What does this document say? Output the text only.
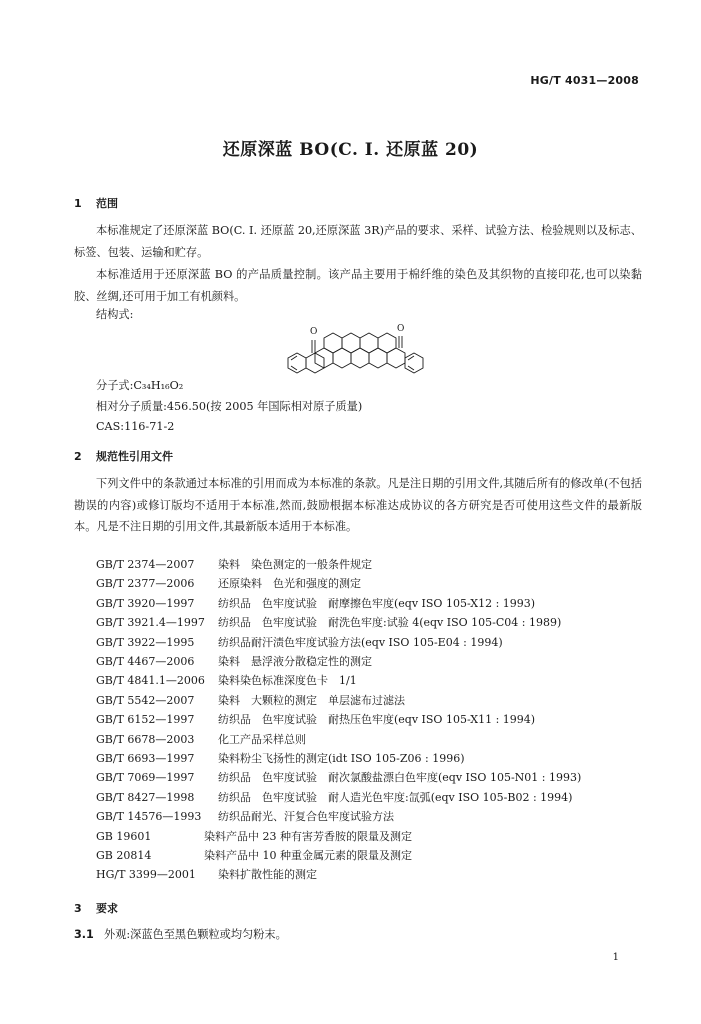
HG/T 4031—2008
还原深蓝 BO(C. I. 还原蓝 20)
1 范围
本标准规定了还原深蓝 BO(C. I. 还原蓝 20,还原深蓝 3R)产品的要求、采样、试验方法、检验规则以及标志、标签、包装、运输和贮存。
本标准适用于还原深蓝 BO 的产品质量控制。该产品主要用于棉纤维的染色及其织物的直接印花,也可以染黏胶、丝绸,还可用于加工有机颜料。
结构式:
O	O
分子式:C₃₄H₁₆O₂
相对分子质量:456.50(按 2005 年国际相对原子质量)
CAS:116-71-2
2 规范性引用文件
下列文件中的条款通过本标准的引用而成为本标准的条款。凡是注日期的引用文件,其随后所有的修改单(不包括勘误的内容)或修订版均不适用于本标准,然而,鼓励根据本标准达成协议的各方研究是否可使用这些文件的最新版本。凡是不注日期的引用文件,其最新版本适用于本标准。
GB/T 2374—2007 染料　染色测定的一般条件规定
GB/T 2377—2006 还原染料　色光和强度的测定
GB/T 3920—1997 纺织品　色牢度试验　耐摩擦色牢度(eqv ISO 105-X12 : 1993)
GB/T 3921.4—1997 纺织品　色牢度试验　耐洗色牢度:试验 4(eqv ISO 105-C04 : 1989)
GB/T 3922—1995 纺织品耐汗渍色牢度试验方法(eqv ISO 105-E04 : 1994)
GB/T 4467—2006 染料　悬浮液分散稳定性的测定
GB/T 4841.1—2006 染料染色标准深度色卡　1/1
GB/T 5542—2007 染料　大颗粒的测定　单层滤布过滤法
GB/T 6152—1997 纺织品　色牢度试验　耐热压色牢度(eqv ISO 105-X11 : 1994)
GB/T 6678—2003 化工产品采样总则
GB/T 6693—1997 染料粉尘飞扬性的测定(idt ISO 105-Z06 : 1996)
GB/T 7069—1997 纺织品　色牢度试验　耐次氯酸盐漂白色牢度(eqv ISO 105-N01 : 1993)
GB/T 8427—1998 纺织品　色牢度试验　耐人造光色牢度:氙弧(eqv ISO 105-B02 : 1994)
GB/T 14576—1993 纺织品耐光、汗复合色牢度试验方法
GB 19601	染料产品中 23 种有害芳香胺的限量及测定
GB 20814	染料产品中 10 种重金属元素的限量及测定
HG/T 3399—2001 染料扩散性能的测定
3 要求
3.1 外观:深蓝色至黑色颗粒或均匀粉末。
1
